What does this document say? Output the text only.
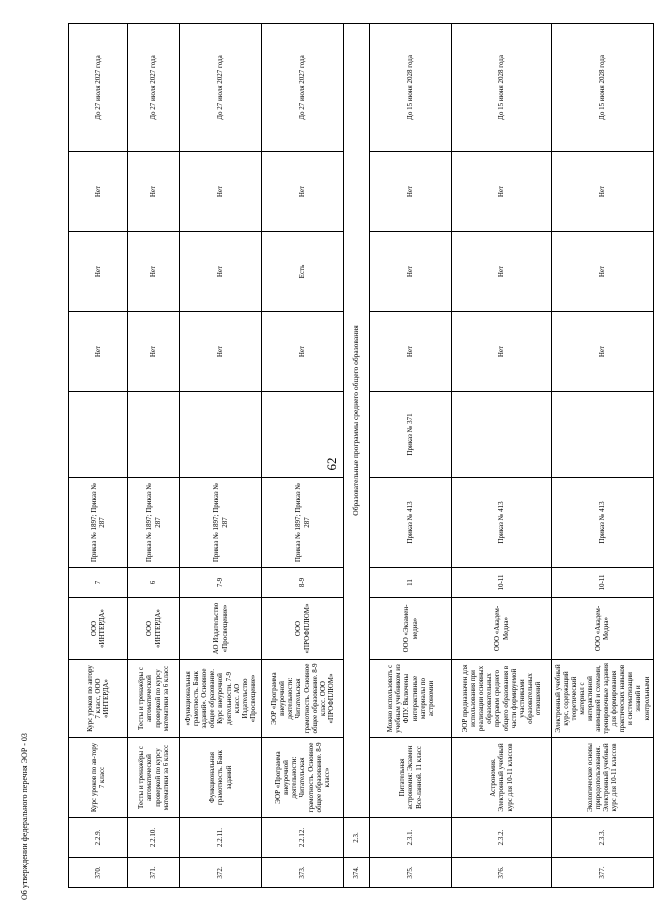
62
370.	2.2.9.	Курс уроков по ав-тору 7 класс	Курс уроков по автору 7 класс, ООО «ИНТЕРДА»	ООО «ИНТЕРДА»	7	Приказ № 1897; Приказ № 287		Нет	Нет	Нет	До 27 июля 2027 года
371.	2.2.10.	Тесты и тренажёры с автоматической проверкой по курсу математики за 6 класс	Тесты и тренажёры с автоматической проверкой по курсу математики за 6 класс	ООО «ИНТЕРДА»	6	Приказ № 1897; Приказ № 287		Нет	Нет	Нет	До 27 июля 2027 года
372.	2.2.11.	Функциональная грамотность. Банк заданий	«Функциональная грамотность. Банк заданий». Основное общее образование. Курс внеурочной деятельности. 7-9 класс. АО Издательство «Просвещение»	АО Издательство «Просвещение»	7-9	Приказ № 1897; Приказ № 287		Нет	Нет	Нет	До 27 июля 2027 года
373.	2.2.12.	ЭОР «Программа внеурочной деятельности: Читательская грамотность. Основное общее образование. 8-9 класс»	ЭОР «Программа внеурочной деятельности: Читательская грамотность. Основное общее образование. 8-9 класс. ООО «ПРОФПЛЮМ»	ООО «ПРОФПЛЮМ»	8-9	Приказ № 1897; Приказ № 287		Нет	Есть	Нет	До 27 июля 2027 года
374.	2.3.	Образовательные программы среднего общего образования									
375.	2.3.1.	Питательная астрономия: Экзамен Все-ланной. 11 класс	Можно использовать с учебным учебником из ФПУ. Включены интерактивные материалы по астрономии	ООО «Экзамен-медиа»	11	Приказ № 413	Приказ № 371	Нет	Нет	Нет	До 15 июня 2028 года
376.	2.3.2.	Астрономия. Электронный учебный курс для 10-11 классов	ЭОР предназначен для использования при реализации основных образовательных программ среднего общего образования в части формируемой участниками образовательных отношений	ООО «Академ-Медиа»	10-11	Приказ № 413		Нет	Нет	Нет	До 15 июня 2028 года
377.	2.3.3.	Экологические основы природопользования. Электронный учебный курс для 10-11 классов	Электронный учебный курс, содержащий теоретический материал с интерактивной анимацией и схемами, тренировочные задания для формирования практических навыков и систематизации знаний и контрольными	ООО «Академ-Медиа»	10-11	Приказ № 413		Нет	Нет	Нет	До 15 июня 2028 года
Об утверждении федерального перечня ЭОР - 03
